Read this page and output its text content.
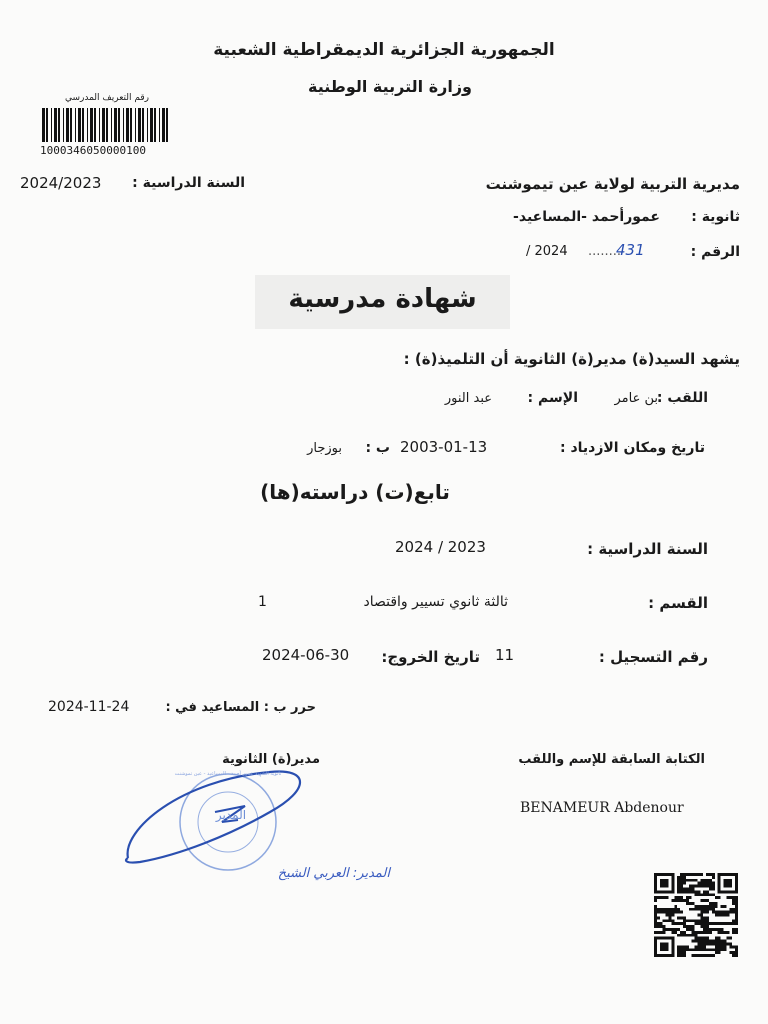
الجمهورية الجزائرية الديمقراطية الشعبية
وزارة التربية الوطنية
رقم التعريف المدرسي
1000346050000100
السنة الدراسية :
2024/2023	مديرية التربية لولاية عين تيموشنت
ثانوية :
عمورأحمد -المساعيد-
الرقم :
/ 2024 ........
431
شهادة مدرسية
يشهد السيد(ة) مدير(ة) الثانوية أن التلميذ(ة) :
اللقب :
بن عامر
الإسم :
عبد النور
تاريخ ومكان الازدياد :
2003-01-13
ب :
بوزجار
تابع(ت) دراسته(ها)
السنة الدراسية :
2024 / 2023
القسم :
ثالثة ثانوي تسيير واقتصاد
1
رقم التسجيل :
11
تاريخ الخروج:
2024-06-30
حرر ب : المساعيد في :
2024-11-24
الكتابة السابقة للإسم واللقب
BENAMEUR Abdenour
مدير(ة) الثانوية
المدير
ثانوية الشهيد عمور أحمد - المساعيد - عين تموشنت
المدير: العربي الشيخ
